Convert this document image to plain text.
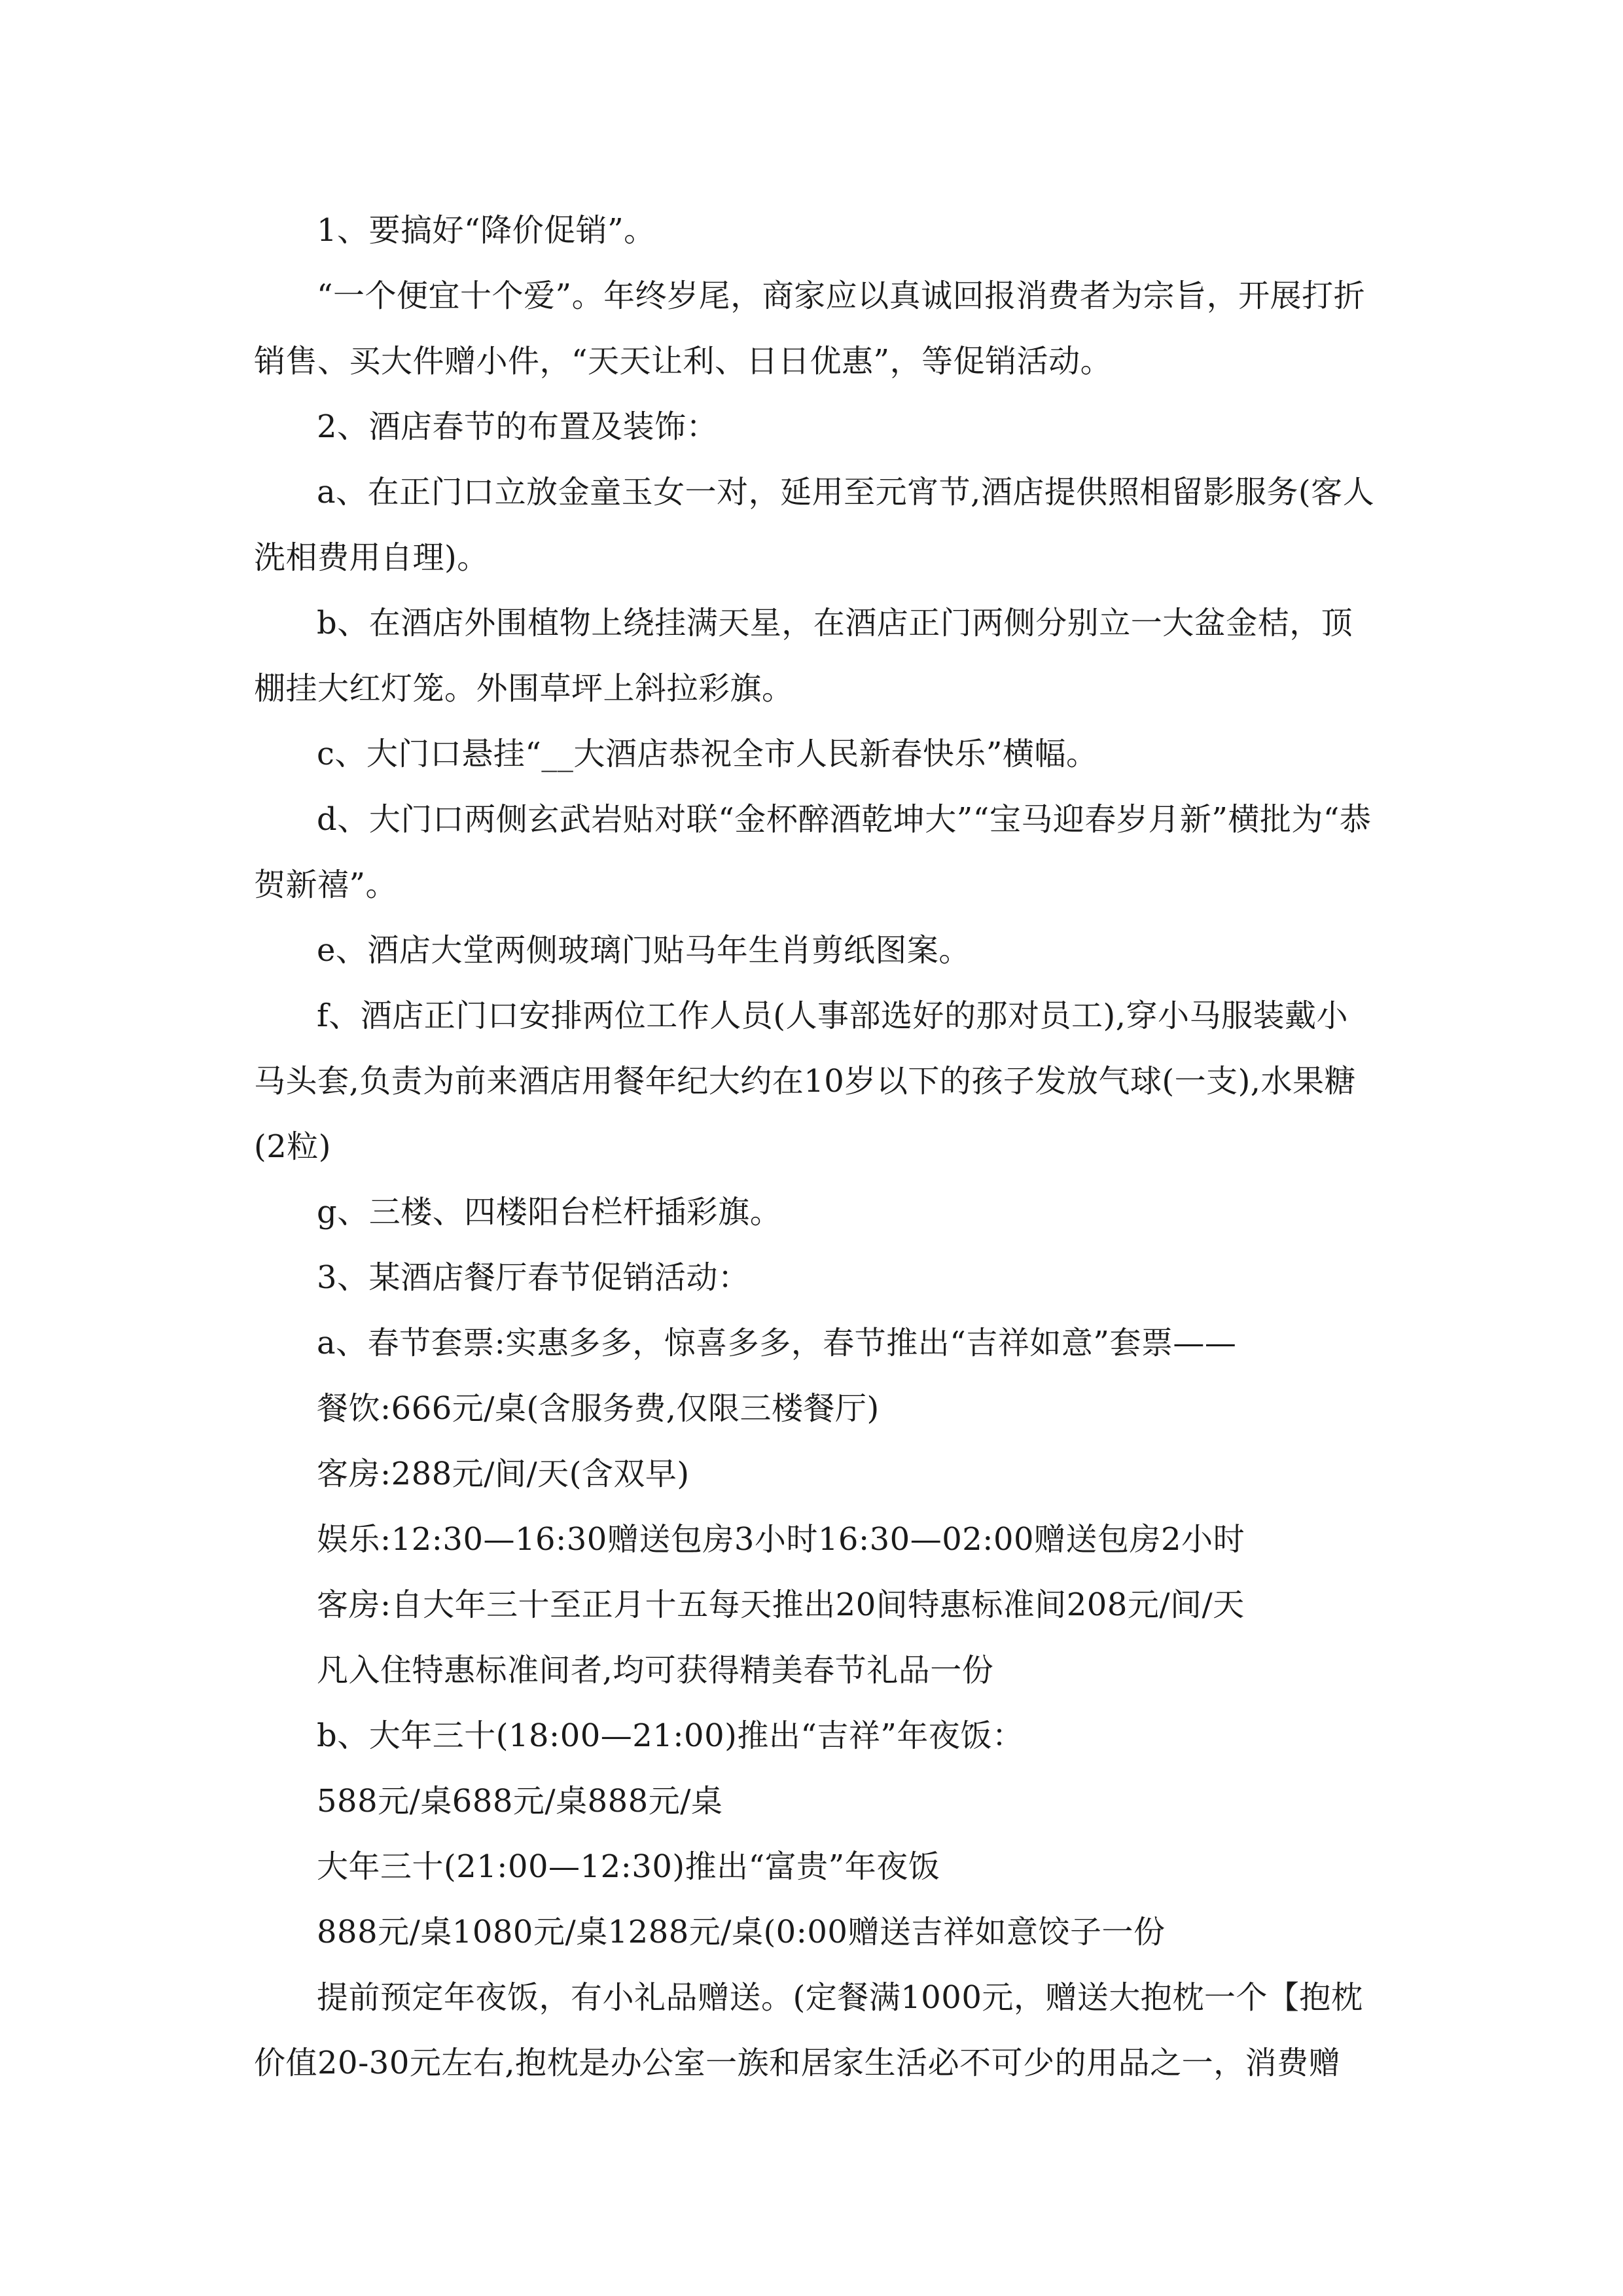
1、要搞好“降价促销”。

“一个便宜十个爱”。年终岁尾，商家应以真诚回报消费者为宗旨，开展打折销售、买大件赠小件，“天天让利、日日优惠”，等促销活动。

2、酒店春节的布置及装饰：

a、在正门口立放金童玉女一对，延用至元宵节,酒店提供照相留影服务(客人洗相费用自理)。

b、在酒店外围植物上绕挂满天星，在酒店正门两侧分别立一大盆金桔，顶棚挂大红灯笼。外围草坪上斜拉彩旗。

c、大门口悬挂“__大酒店恭祝全市人民新春快乐”横幅。

d、大门口两侧玄武岩贴对联“金杯醉酒乾坤大”“宝马迎春岁月新”横批为“恭贺新禧”。

e、酒店大堂两侧玻璃门贴马年生肖剪纸图案。

f、酒店正门口安排两位工作人员(人事部选好的那对员工),穿小马服装戴小马头套,负责为前来酒店用餐年纪大约在10岁以下的孩子发放气球(一支),水果糖(2粒)

g、三楼、四楼阳台栏杆插彩旗。

3、某酒店餐厅春节促销活动：

a、春节套票:实惠多多，惊喜多多，春节推出“吉祥如意”套票——

餐饮:666元/桌(含服务费,仅限三楼餐厅)

客房:288元/间/天(含双早)

娱乐:12:30—16:30赠送包房3小时16:30—02:00赠送包房2小时

客房:自大年三十至正月十五每天推出20间特惠标准间208元/间/天

凡入住特惠标准间者,均可获得精美春节礼品一份

b、大年三十(18:00—21:00)推出“吉祥”年夜饭：

588元/桌688元/桌888元/桌

大年三十(21:00—12:30)推出“富贵”年夜饭

888元/桌1080元/桌1288元/桌(0:00赠送吉祥如意饺子一份

提前预定年夜饭，有小礼品赠送。(定餐满1000元，赠送大抱枕一个【抱枕价值20-30元左右,抱枕是办公室一族和居家生活必不可少的用品之一，消费赠
